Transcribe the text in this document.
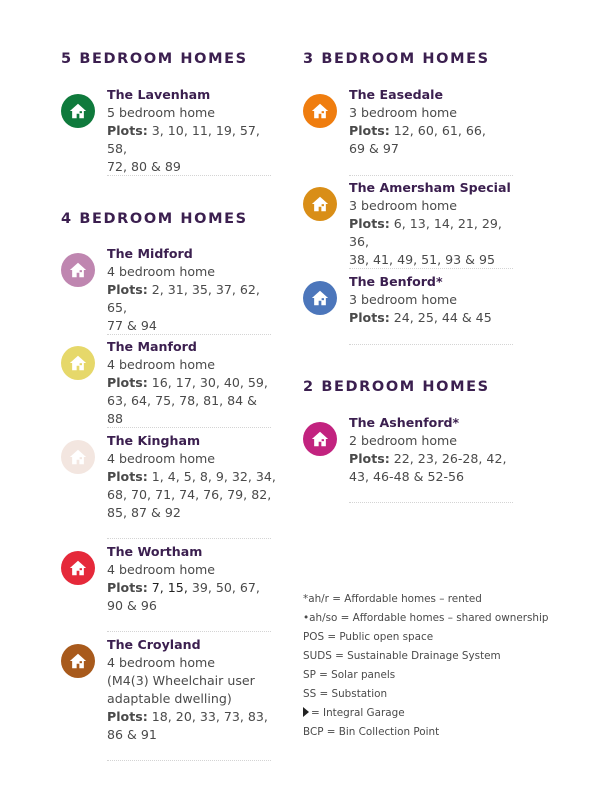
5 BEDROOM HOMES
The Lavenham
5 bedroom home
Plots: 3, 10, 11, 19, 57, 58,
72, 80 & 89
4 BEDROOM HOMES
The Midford
4 bedroom home
Plots: 2, 31, 35, 37, 62, 65,
77 & 94
The Manford
4 bedroom home
Plots: 16, 17, 30, 40, 59,
63, 64, 75, 78, 81, 84 & 88
The Kingham
4 bedroom home
Plots: 1, 4, 5, 8, 9, 32, 34,
68, 70, 71, 74, 76, 79, 82,
85, 87 & 92
The Wortham
4 bedroom home
Plots: 7, 15, 39, 50, 67,
90 & 96
The Croyland
4 bedroom home
(M4(3) Wheelchair user
adaptable dwelling)
Plots: 18, 20, 33, 73, 83,
86 & 91
3 BEDROOM HOMES
The Easedale
3 bedroom home
Plots: 12, 60, 61, 66,
69 & 97
The Amersham Special
3 bedroom home
Plots: 6, 13, 14, 21, 29, 36,
38, 41, 49, 51, 93 & 95
The Benford*
3 bedroom home
Plots: 24, 25, 44 & 45
2 BEDROOM HOMES
The Ashenford*
2 bedroom home
Plots: 22, 23, 26-28, 42,
43, 46-48 & 52-56
*ah/r = Affordable homes – rented
•ah/so = Affordable homes – shared ownership
POS = Public open space
SUDS = Sustainable Drainage System
SP = Solar panels
SS = Substation
= Integral Garage
BCP = Bin Collection Point
